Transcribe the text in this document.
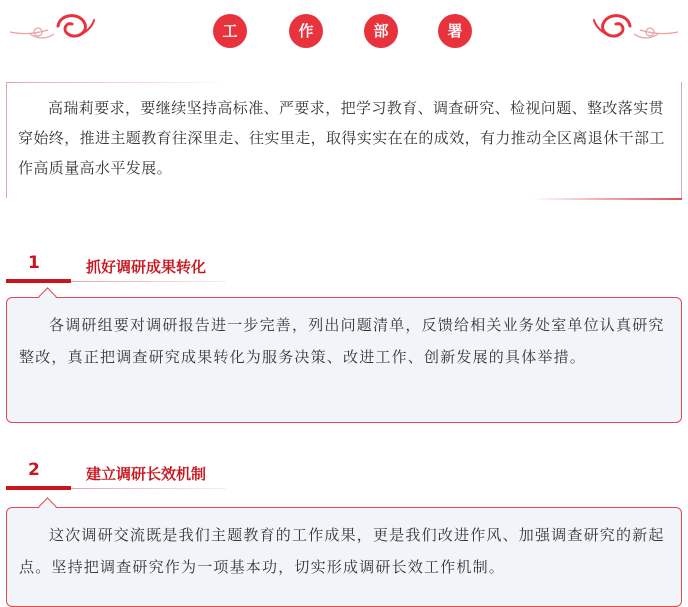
工	作	部	署

高瑞莉要求，要继续坚持高标准、严要求，把学习教育、调查研究、检视问题、整改落实贯穿始终，推进主题教育往深里走、往实里走，取得实实在在的成效，有力推动全区离退休干部工作高质量高水平发展。

1	抓好调研成果转化

各调研组要对调研报告进一步完善，列出问题清单，反馈给相关业务处室单位认真研究整改，真正把调查研究成果转化为服务决策、改进工作、创新发展的具体举措。

2	建立调研长效机制

这次调研交流既是我们主题教育的工作成果，更是我们改进作风、加强调查研究的新起点。坚持把调查研究作为一项基本功，切实形成调研长效工作机制。
